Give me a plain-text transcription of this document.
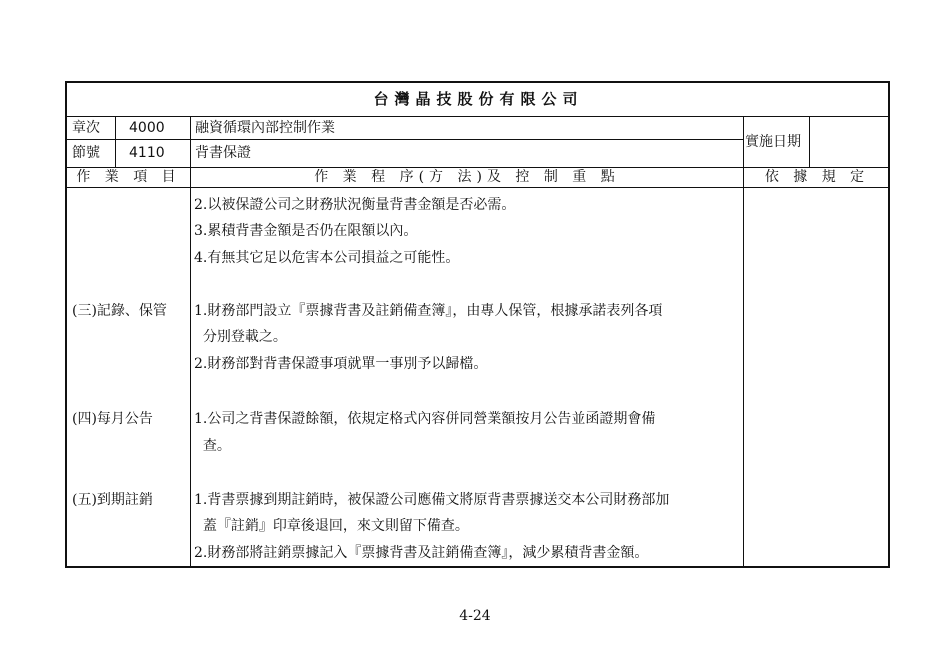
台灣晶技股份有限公司
章次 4000 融資循環內部控制作業
節號 4110 背書保證
實施日期
作 業 項 目	作 業 程 序(方 法)及 控 制 重 點	依 據 規 定
2.以被保證公司之財務狀況衡量背書金額是否必需。
3.累積背書金額是否仍在限額以內。
4.有無其它足以危害本公司損益之可能性。
(三)記錄、保管 1.財務部門設立『票據背書及註銷備查簿』，由專人保管，根據承諾表列各項
分別登載之。
2.財務部對背書保證事項就單一事別予以歸檔。
(四)每月公告	1.公司之背書保證餘額，依規定格式內容併同營業額按月公告並函證期會備
查。
(五)到期註銷	1.背書票據到期註銷時，被保證公司應備文將原背書票據送交本公司財務部加
蓋『註銷』印章後退回，來文則留下備查。
2.財務部將註銷票據記入『票據背書及註銷備查簿』，減少累積背書金額。
4-24
